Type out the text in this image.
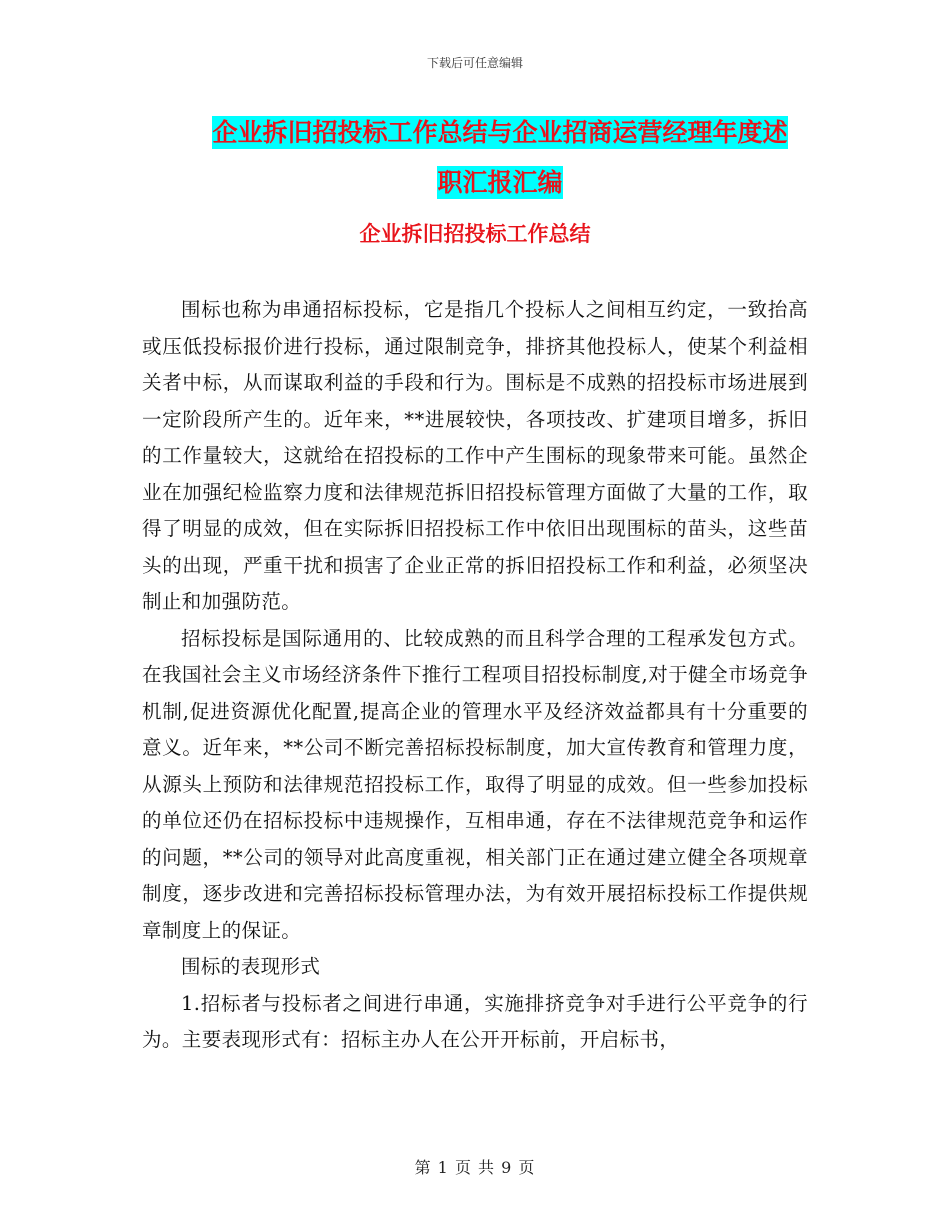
下载后可任意编辑
企业拆旧招投标工作总结与企业招商运营经理年度述
职汇报汇编
企业拆旧招投标工作总结

围标也称为串通招标投标，它是指几个投标人之间相互约定，一致抬高或压低投标报价进行投标，通过限制竞争，排挤其他投标人，使某个利益相关者中标，从而谋取利益的手段和行为。围标是不成熟的招投标市场进展到一定阶段所产生的。近年来，**进展较快，各项技改、扩建项目增多，拆旧的工作量较大，这就给在招投标的工作中产生围标的现象带来可能。虽然企业在加强纪检监察力度和法律规范拆旧招投标管理方面做了大量的工作，取得了明显的成效，但在实际拆旧招投标工作中依旧出现围标的苗头，这些苗头的出现，严重干扰和损害了企业正常的拆旧招投标工作和利益，必须坚决制止和加强防范。

招标投标是国际通用的、比较成熟的而且科学合理的工程承发包方式。在我国社会主义市场经济条件下推行工程项目招投标制度,对于健全市场竞争机制,促进资源优化配置,提高企业的管理水平及经济效益都具有十分重要的意义。近年来，**公司不断完善招标投标制度，加大宣传教育和管理力度，从源头上预防和法律规范招投标工作，取得了明显的成效。但一些参加投标的单位还仍在招标投标中违规操作，互相串通，存在不法律规范竞争和运作的问题，**公司的领导对此高度重视，相关部门正在通过建立健全各项规章制度，逐步改进和完善招标投标管理办法，为有效开展招标投标工作提供规章制度上的保证。

围标的表现形式

1.招标者与投标者之间进行串通，实施排挤竞争对手进行公平竞争的行为。主要表现形式有：招标主办人在公开开标前，开启标书，

第 1 页 共 9 页
